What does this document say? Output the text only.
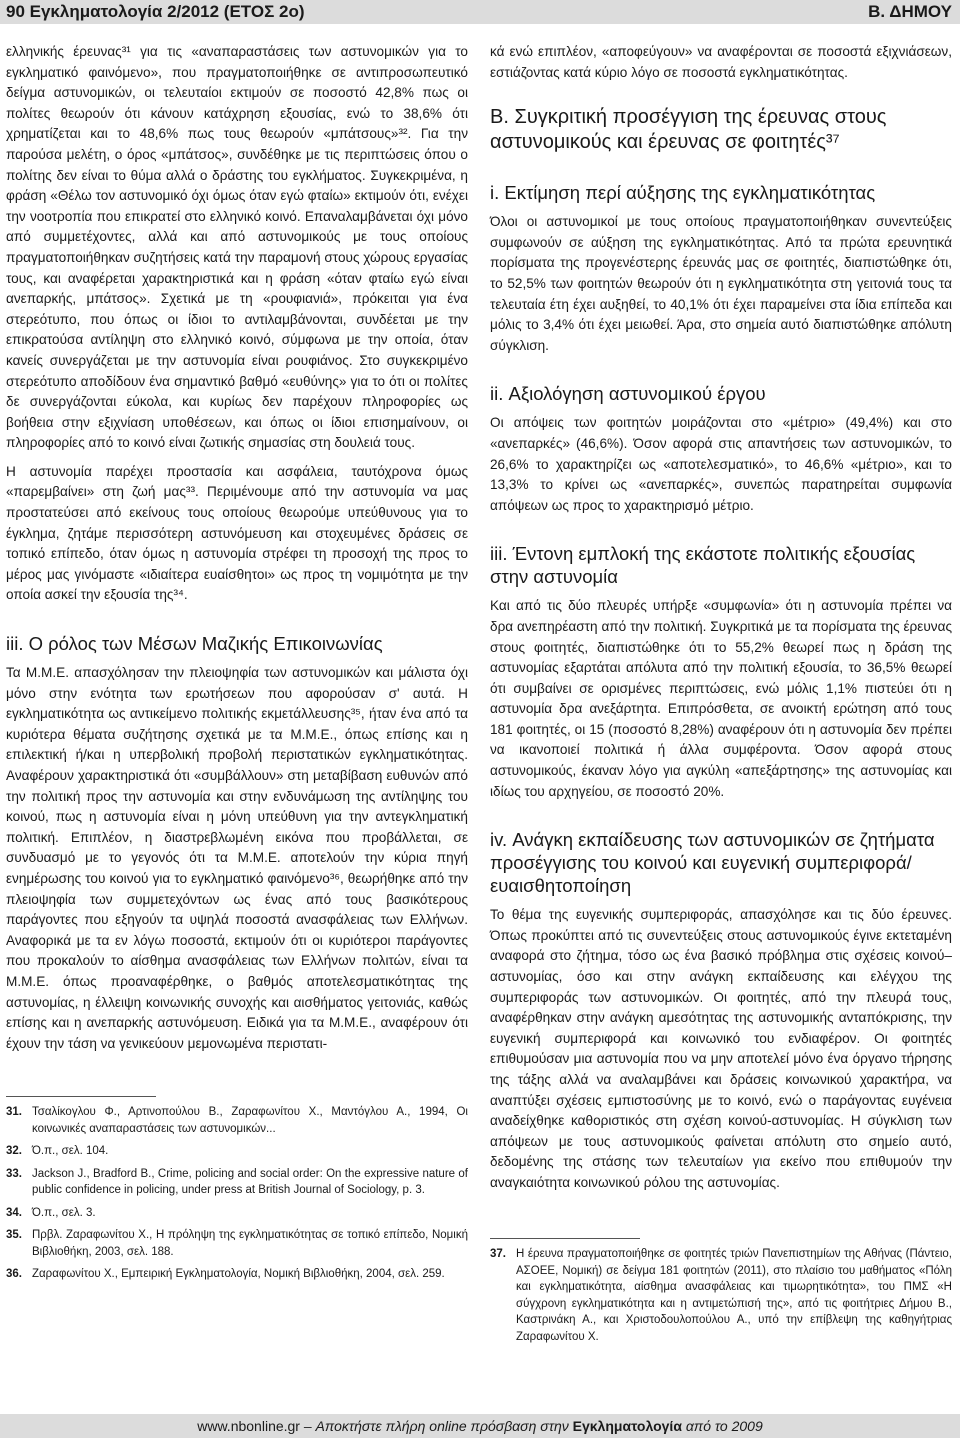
90 Εγκληματολογία 2/2012 (ΕΤΟΣ 2ο)	Β. ΔΗΜΟΥ

ελληνικής έρευνας³¹ για τις «αναπαραστάσεις των αστυνομικών για το εγκληματικό φαινόμενο», που πραγματοποιήθηκε σε αντιπροσωπευτικό δείγμα αστυνομικών, οι τελευταίοι εκτιμούν σε ποσοστό 42,8% πως οι πολίτες θεωρούν ότι κάνουν κατάχρηση εξουσίας, ενώ το 38,6% ότι χρηματίζεται και το 48,6% πως τους θεωρούν «μπάτσους»³². Για την παρούσα μελέτη, ο όρος «μπάτσος», συνδέθηκε με τις περιπτώσεις όπου ο πολίτης δεν είναι το θύμα αλλά ο δράστης του εγκλήματος. Συγκεκριμένα, η φράση «Θέλω τον αστυνομικό όχι όμως όταν εγώ φταίω» εκτιμούν ότι, ενέχει την νοοτροπία που επικρατεί στο ελληνικό κοινό. Επαναλαμβάνεται όχι μόνο από συμμετέχοντες, αλλά και από αστυνομικούς με τους οποίους πραγματοποιήθηκαν συζητήσεις κατά την παραμονή στους χώρους εργασίας τους, και αναφέρεται χαρακτηριστικά και η φράση «όταν φταίω εγώ είναι ανεπαρκής, μπάτσος». Σχετικά με τη «ρουφιανιά», πρόκειται για ένα στερεότυπο, που όπως οι ίδιοι το αντιλαμβάνονται, συνδέεται με την επικρατούσα αντίληψη στο ελληνικό κοινό, σύμφωνα με την οποία, όταν κανείς συνεργάζεται με την αστυνομία είναι ρουφιάνος. Στο συγκεκριμένο στερεότυπο αποδίδουν ένα σημαντικό βαθμό «ευθύνης» για το ότι οι πολίτες δε συνεργάζονται εύκολα, και κυρίως δεν παρέχουν πληροφορίες ως βοήθεια στην εξιχνίαση υποθέσεων, και όπως οι ίδιοι επισημαίνουν, οι πληροφορίες από το κοινό είναι ζωτικής σημασίας στη δουλειά τους.

Η αστυνομία παρέχει προστασία και ασφάλεια, ταυτόχρονα όμως «παρεμβαίνει» στη ζωή μας³³. Περιμένουμε από την αστυνομία να μας προστατεύσει από εκείνους τους οποίους θεωρούμε υπεύθυνους για το έγκλημα, ζητάμε περισσότερη αστυνόμευση και στοχευμένες δράσεις σε τοπικό επίπεδο, όταν όμως η αστυνομία στρέφει τη προσοχή της προς το μέρος μας γινόμαστε «ιδιαίτερα ευαίσθητοι» ως προς τη νομιμότητα με την οποία ασκεί την εξουσία της³⁴.

iii. Ο ρόλος των Μέσων Μαζικής Επικοινωνίας

Τα Μ.Μ.Ε. απασχόλησαν την πλειοψηφία των αστυνομικών και μάλιστα όχι μόνο στην ενότητα των ερωτήσεων που αφορούσαν σ' αυτά. Η εγκληματικότητα ως αντικείμενο πολιτικής εκμετάλλευσης³⁵, ήταν ένα από τα κυριότερα θέματα συζήτησης σχετικά με τα Μ.Μ.Ε., όπως επίσης και η επιλεκτική ή/και η υπερβολική προβολή περιστατικών εγκληματικότητας. Αναφέρουν χαρακτηριστικά ότι «συμβάλλουν» στη μεταβίβαση ευθυνών από την πολιτική προς την αστυνομία και στην ενδυνάμωση της αντίληψης του κοινού, πως η αστυνομία είναι η μόνη υπεύθυνη για την αντεγκληματική πολιτική. Επιπλέον, η διαστρεβλωμένη εικόνα που προβάλλεται, σε συνδυασμό με το γεγονός ότι τα Μ.Μ.Ε. αποτελούν την κύρια πηγή ενημέρωσης του κοινού για το εγκληματικό φαινόμενο³⁶, θεωρήθηκε από την πλειοψηφία των συμμετεχόντων ως ένας από τους βασικότερους παράγοντες που εξηγούν τα υψηλά ποσοστά ανασφάλειας των Ελλήνων. Αναφορικά με τα εν λόγω ποσοστά, εκτιμούν ότι οι κυριότεροι παράγοντες που προκαλούν το αίσθημα ανασφάλειας των Ελλήνων πολιτών, είναι τα Μ.Μ.Ε. όπως προαναφέρθηκε, ο βαθμός αποτελεσματικότητας της αστυνομίας, η έλλειψη κοινωνικής συνοχής και αισθήματος γειτονιάς, καθώς επίσης και η ανεπαρκής αστυνόμευση. Ειδικά για τα Μ.Μ.Ε., αναφέρουν ότι έχουν την τάση να γενικεύουν μεμονωμένα περιστατι-

31. Τσαλίκογλου Φ., Αρτινοπούλου Β., Ζαραφωνίτου Χ., Μαντόγλου Α., 1994, Οι κοινωνικές αναπαραστάσεις των αστυνομικών...
32. Ό.π., σελ. 104.
33. Jackson J., Bradford B., Crime, policing and social order: On the expressive nature of public confidence in policing, under press at British Journal of Sociology, p. 3.
34. Ό.π., σελ. 3.
35. Πρβλ. Ζαραφωνίτου Χ., Η πρόληψη της εγκληματικότητας σε τοπικό επίπεδο, Νομική Βιβλιοθήκη, 2003, σελ. 188.
36. Ζαραφωνίτου Χ., Εμπειρική Εγκληματολογία, Νομική Βιβλιοθήκη, 2004, σελ. 259.

κά ενώ επιπλέον, «αποφεύγουν» να αναφέρονται σε ποσοστά εξιχνιάσεων, εστιάζοντας κατά κύριο λόγο σε ποσοστά εγκληματικότητας.

Β. Συγκριτική προσέγγιση της έρευνας στους αστυνομικούς και έρευνας σε φοιτητές³⁷
i. Εκτίμηση περί αύξησης της εγκληματικότητας

Όλοι οι αστυνομικοί με τους οποίους πραγματοποιήθηκαν συνεντεύξεις συμφωνούν σε αύξηση της εγκληματικότητας. Από τα πρώτα ερευνητικά πορίσματα της προγενέστερης έρευνάς μας σε φοιτητές, διαπιστώθηκε ότι, το 52,5% των φοιτητών θεωρούν ότι η εγκληματικότητα στη γειτονιά τους τα τελευταία έτη έχει αυξηθεί, το 40,1% ότι έχει παραμείνει στα ίδια επίπεδα και μόλις το 3,4% ότι έχει μειωθεί. Άρα, στο σημεία αυτό διαπιστώθηκε απόλυτη σύγκλιση.

ii. Αξιολόγηση αστυνομικού έργου

Οι απόψεις των φοιτητών μοιράζονται στο «μέτριο» (49,4%) και στο «ανεπαρκές» (46,6%). Όσον αφορά στις απαντήσεις των αστυνομικών, το 26,6% το χαρακτηρίζει ως «αποτελεσματικό», το 46,6% «μέτριο», και το 13,3% το κρίνει ως «ανεπαρκές», συνεπώς παρατηρείται συμφωνία απόψεων ως προς το χαρακτηρισμό μέτριο.

iii. Έντονη εμπλοκή της εκάστοτε πολιτικής εξουσίας στην αστυνομία

Και από τις δύο πλευρές υπήρξε «συμφωνία» ότι η αστυνομία πρέπει να δρα ανεπηρέαστη από την πολιτική. Συγκριτικά με τα πορίσματα της έρευνας στους φοιτητές, διαπιστώθηκε ότι το 55,2% θεωρεί πως η δράση της αστυνομίας εξαρτάται απόλυτα από την πολιτική εξουσία, το 36,5% θεωρεί ότι συμβαίνει σε ορισμένες περιπτώσεις, ενώ μόλις 1,1% πιστεύει ότι η αστυνομία δρα ανεξάρτητα. Επιπρόσθετα, σε ανοικτή ερώτηση από τους 181 φοιτητές, οι 15 (ποσοστό 8,28%) αναφέρουν ότι η αστυνομία δεν πρέπει να ικανοποιεί πολιτικά ή άλλα συμφέροντα. Όσον αφορά στους αστυνομικούς, έκαναν λόγο για αγκύλη «απεξάρτησης» της αστυνομίας και ιδίως του αρχηγείου, σε ποσοστό 20%.

iv. Ανάγκη εκπαίδευσης των αστυνομικών σε ζητήματα προσέγγισης του κοινού και ευγενική συμπεριφορά/ευαισθητοποίηση

Το θέμα της ευγενικής συμπεριφοράς, απασχόλησε και τις δύο έρευνες. Όπως προκύπτει από τις συνεντεύξεις στους αστυνομικούς έγινε εκτεταμένη αναφορά στο ζήτημα, τόσο ως ένα βασικό πρόβλημα στις σχέσεις κοινού–αστυνομίας, όσο και στην ανάγκη εκπαίδευσης και ελέγχου της συμπεριφοράς των αστυνομικών. Οι φοιτητές, από την πλευρά τους, αναφέρθηκαν στην ανάγκη αμεσότητας της αστυνομικής ανταπόκρισης, την ευγενική συμπεριφορά και κοινωνικό του ενδιαφέρον. Οι φοιτητές επιθυμούσαν μια αστυνομία που να μην αποτελεί μόνο ένα όργανο τήρησης της τάξης αλλά να αναλαμβάνει και δράσεις κοινωνικού χαρακτήρα, να αναπτύξει σχέσεις εμπιστοσύνης με το κοινό, ενώ ο παράγοντας ευγένεια αναδείχθηκε καθοριστικός στη σχέση κοινού-αστυνομίας. Η σύγκλιση των απόψεων με τους αστυνομικούς φαίνεται απόλυτη στο σημείο αυτό, δεδομένης της στάσης των τελευταίων για εκείνο που επιθυμούν την αναγκαιότητα κοινωνικού ρόλου της αστυνομίας.

37. Η έρευνα πραγματοποιήθηκε σε φοιτητές τριών Πανεπιστημίων της Αθήνας (Πάντειο, ΑΣΟΕΕ, Νομική) σε δείγμα 181 φοιτητών (2011), στο πλαίσιο του μαθήματος «Πόλη και εγκληματικότητα, αίσθημα ανασφάλειας και τιμωρητικότητα», του ΠΜΣ «Η σύγχρονη εγκληματικότητα και η αντιμετώπισή της», από τις φοιτήτριες Δήμου Β., Καστρινάκη Α., και Χριστοδουλοπούλου Α., υπό την επίβλεψη της καθηγήτριας Ζαραφωνίτου Χ.
www.nbonline.gr – Αποκτήστε πλήρη online πρόσβαση στην Εγκληματολογία από το 2009
